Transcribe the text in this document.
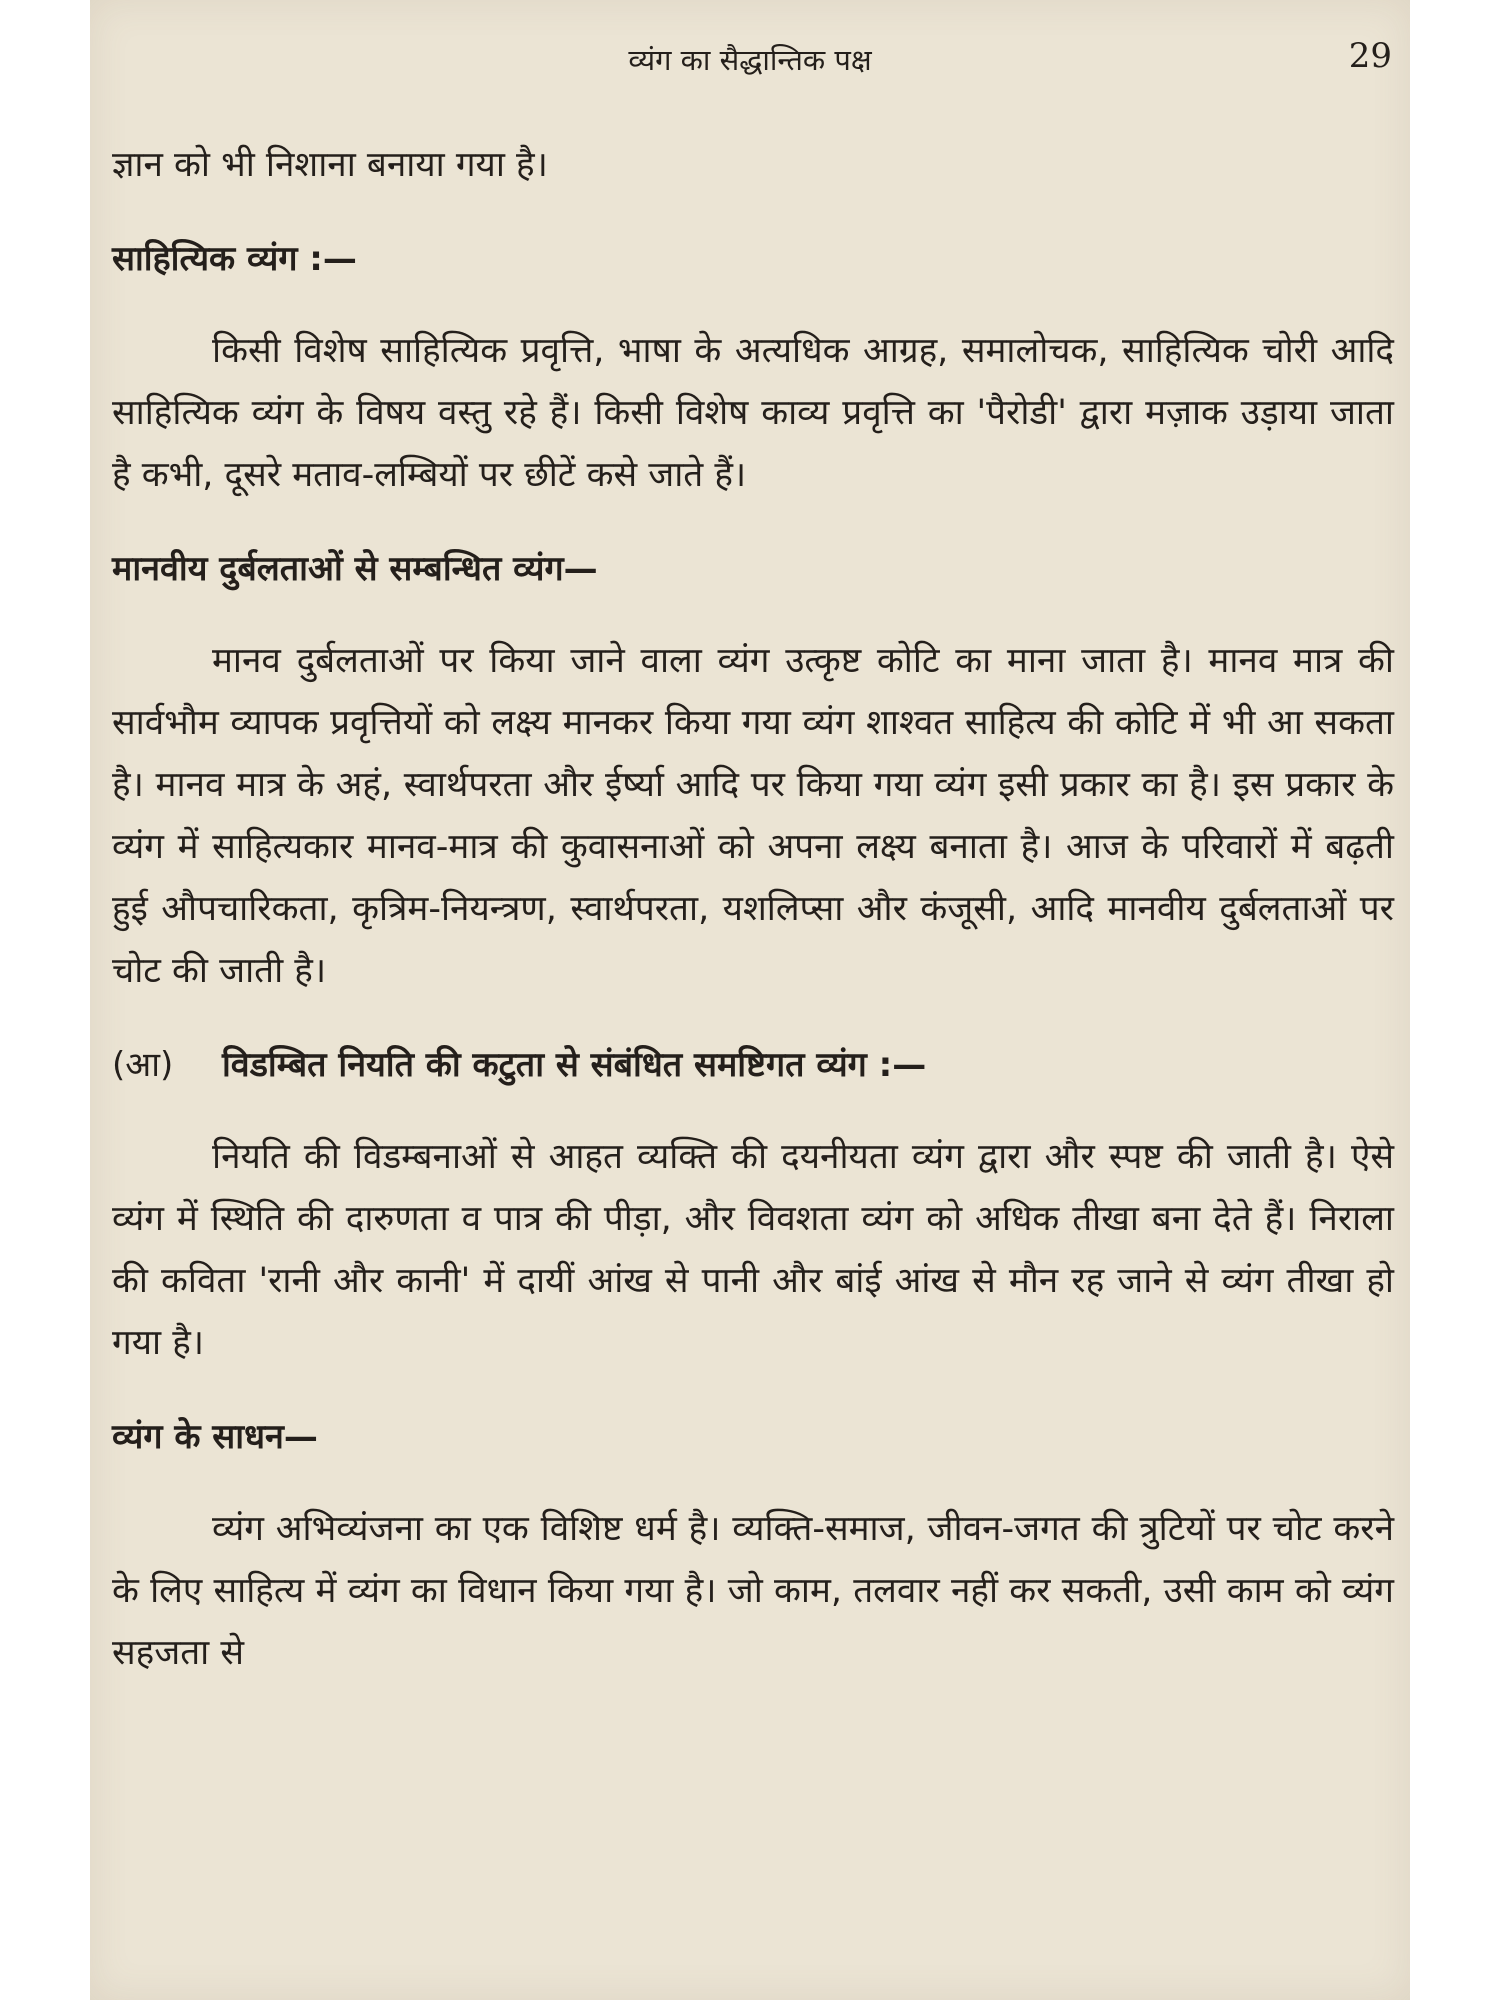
व्यंग का सैद्धान्तिक पक्ष	29

ज्ञान को भी निशाना बनाया गया है।

साहित्यिक व्यंग :—

किसी विशेष साहित्यिक प्रवृत्ति, भाषा के अत्यधिक आग्रह, समालोचक, साहित्यिक चोरी आदि साहित्यिक व्यंग के विषय वस्तु रहे हैं। किसी विशेष काव्य प्रवृत्ति का 'पैरोडी' द्वारा मज़ाक उड़ाया जाता है कभी, दूसरे मताव-लम्बियों पर छीटें कसे जाते हैं।

मानवीय दुर्बलताओं से सम्बन्धित व्यंग—

मानव दुर्बलताओं पर किया जाने वाला व्यंग उत्कृष्ट कोटि का माना जाता है। मानव मात्र की सार्वभौम व्यापक प्रवृत्तियों को लक्ष्य मानकर किया गया व्यंग शाश्वत साहित्य की कोटि में भी आ सकता है। मानव मात्र के अहं, स्वार्थपरता और ईर्ष्या आदि पर किया गया व्यंग इसी प्रकार का है। इस प्रकार के व्यंग में साहित्यकार मानव-मात्र की कुवासनाओं को अपना लक्ष्य बनाता है। आज के परिवारों में बढ़ती हुई औपचारिकता, कृत्रिम-नियन्त्रण, स्वार्थपरता, यशलिप्सा और कंजूसी, आदि मानवीय दुर्बलताओं पर चोट की जाती है।

(आ) विडम्बित नियति की कटुता से संबंधित समष्टिगत व्यंग :—

नियति की विडम्बनाओं से आहत व्यक्ति की दयनीयता व्यंग द्वारा और स्पष्ट की जाती है। ऐसे व्यंग में स्थिति की दारुणता व पात्र की पीड़ा, और विवशता व्यंग को अधिक तीखा बना देते हैं। निराला की कविता 'रानी और कानी' में दायीं आंख से पानी और बांई आंख से मौन रह जाने से व्यंग तीखा हो गया है।

व्यंग के साधन—

व्यंग अभिव्यंजना का एक विशिष्ट धर्म है। व्यक्ति-समाज, जीवन-जगत की त्रुटियों पर चोट करने के लिए साहित्य में व्यंग का विधान किया गया है। जो काम, तलवार नहीं कर सकती, उसी काम को व्यंग सहजता से
